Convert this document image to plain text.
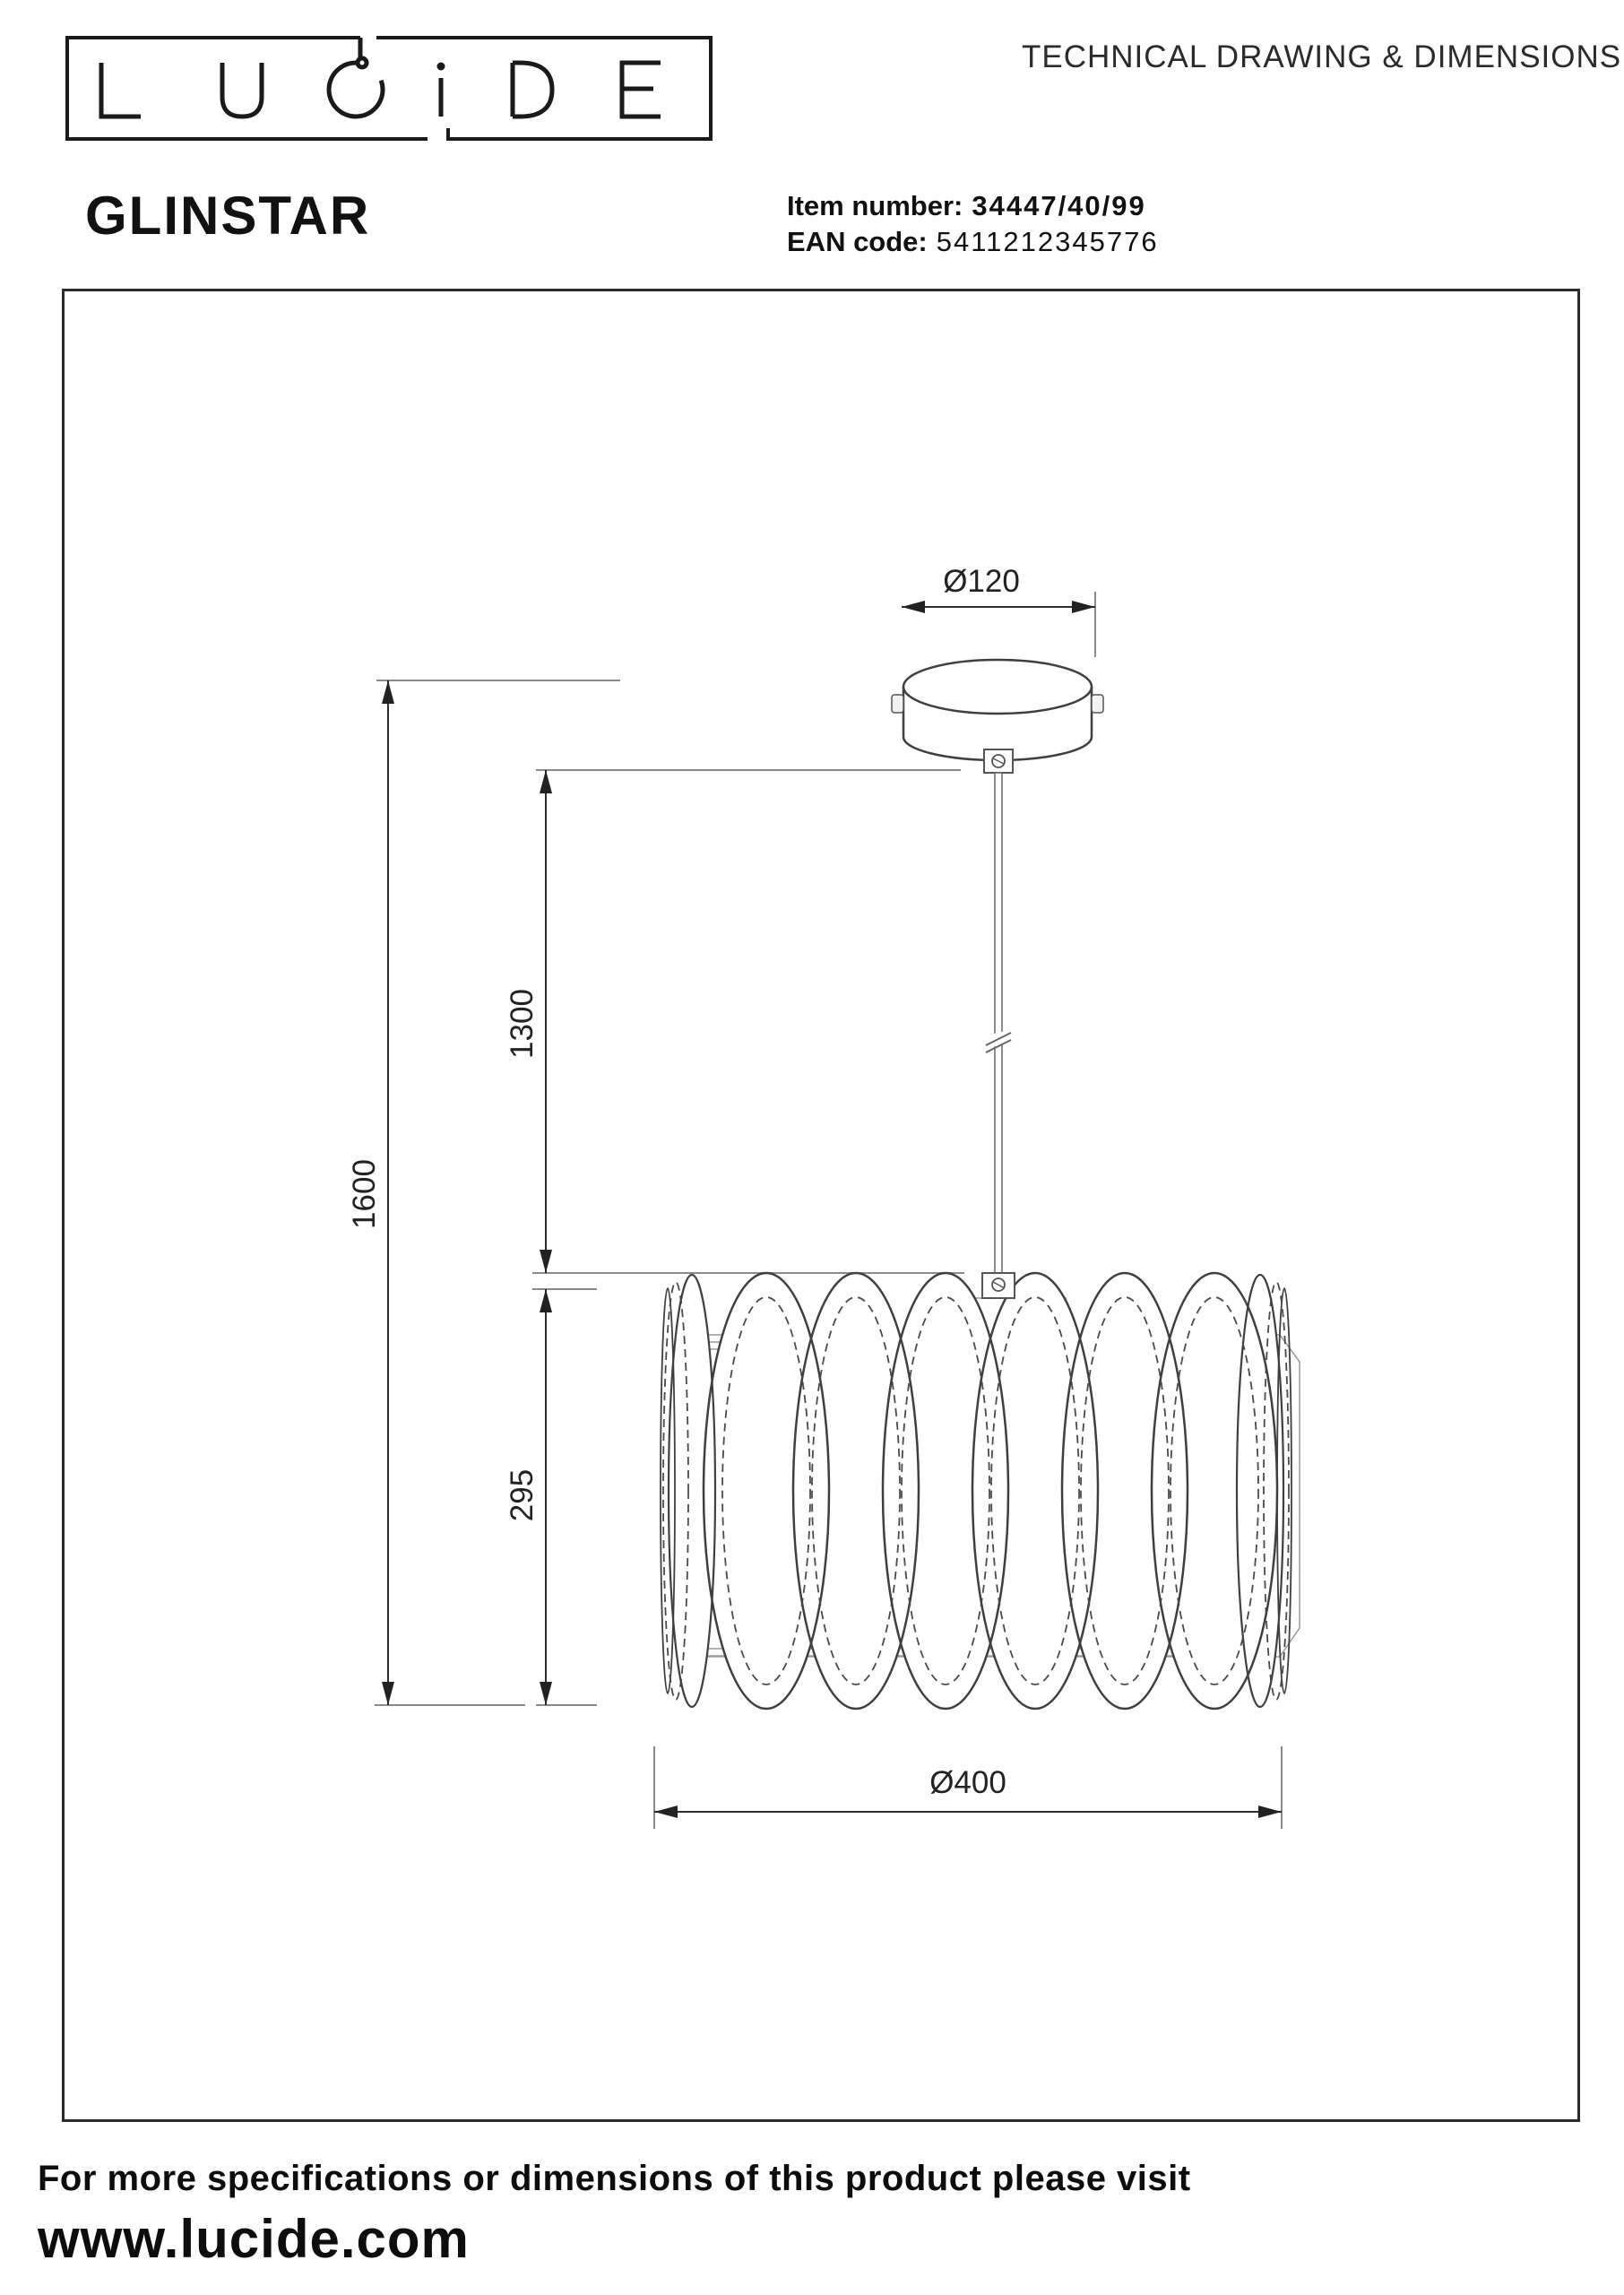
TECHNICAL DRAWING & DIMENSIONS
GLINSTAR	Item number: 34447/40/99
EAN code: 5411212345776
Ø120
1600
1300
295
Ø400
For more specifications or dimensions of this product please visit
www.lucide.com
